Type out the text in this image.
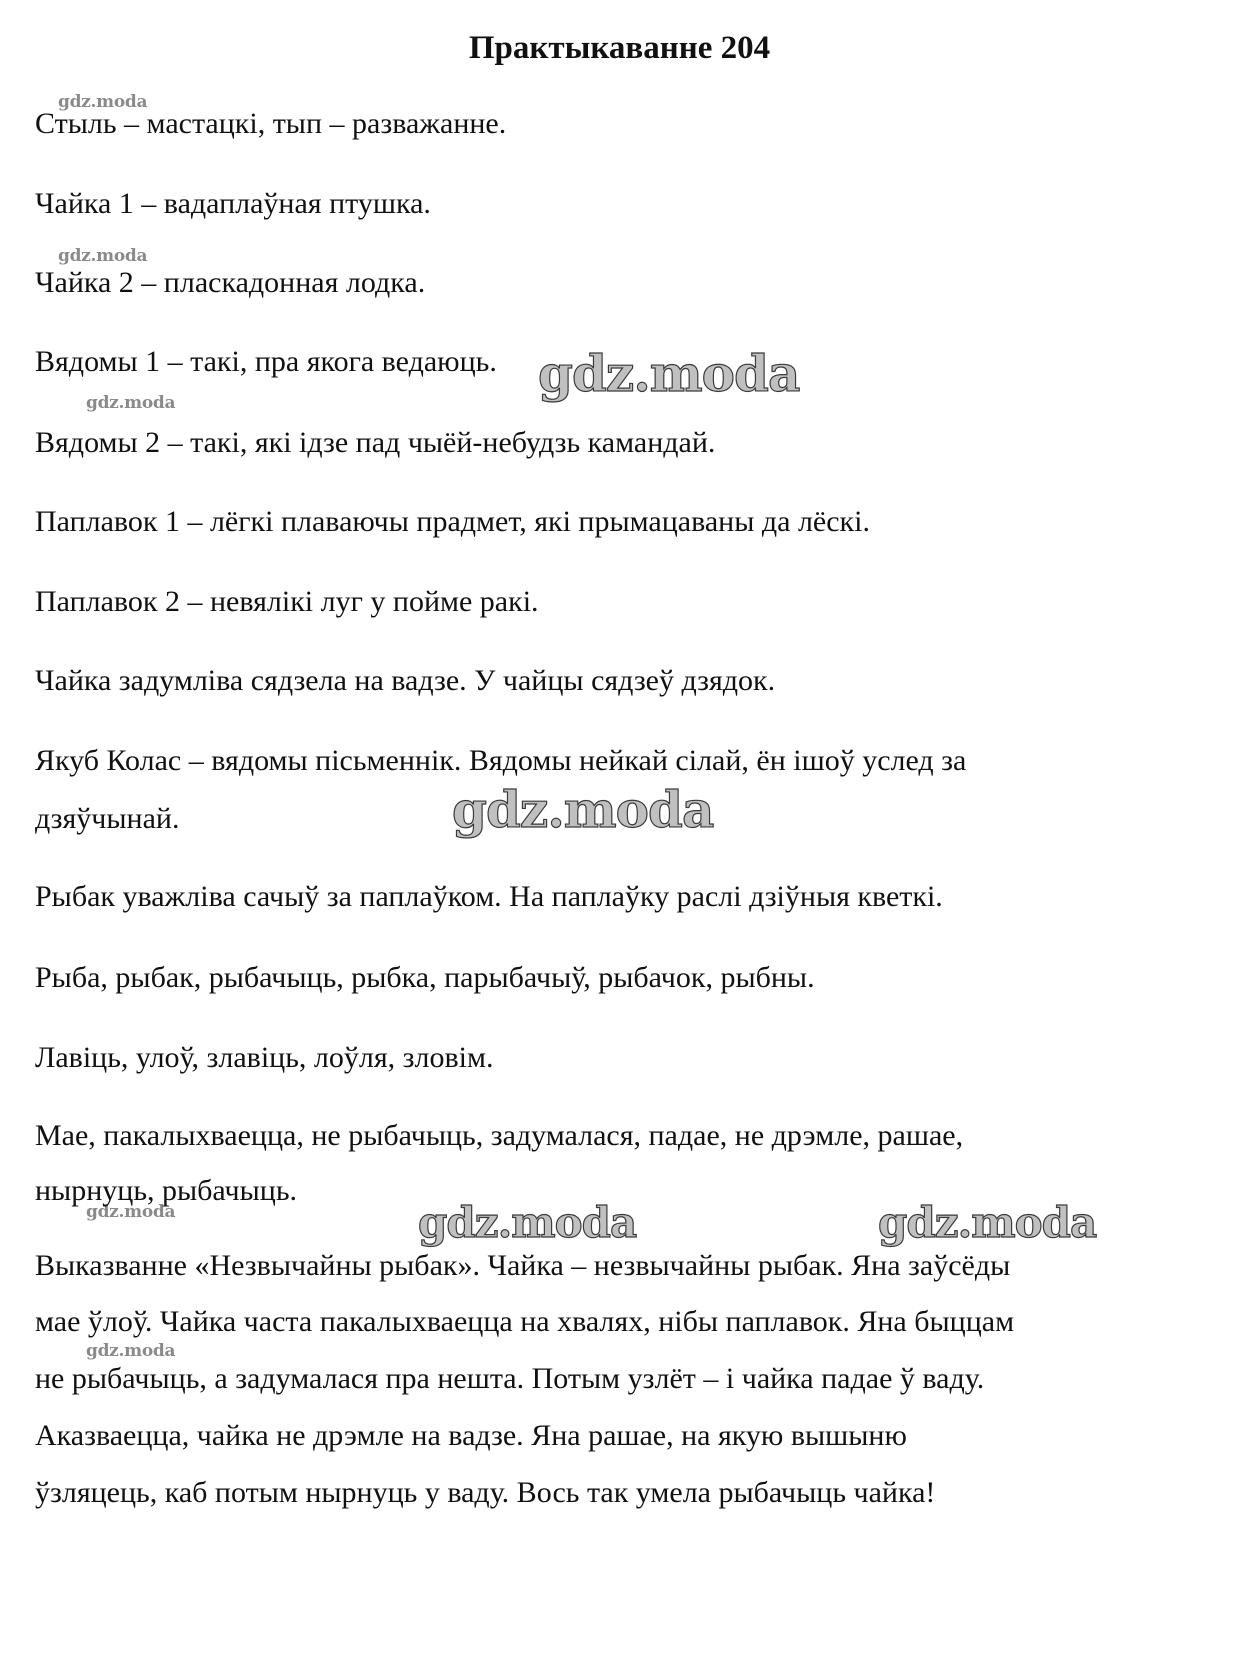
Практыкаванне 204
gdz.moda
gdz.moda
gdz.moda
gdz.moda
gdz.moda
Стыль – мастацкі, тып – разважанне.
Чайка 1 – вадаплаўная птушка.
Чайка 2 – пласкадонная лодка.
Вядомы 1 – такі, пра якога ведаюць.
Вядомы 2 – такі, які ідзе пад чыёй-небудзь камандай.
Паплавок 1 – лёгкі плаваючы прадмет, які прымацаваны да лёскі.
Паплавок 2 – невялікі луг у пойме ракі.
Чайка задумліва сядзела на вадзе. У чайцы сядзеў дзядок.
Якуб Колас – вядомы пісьменнік. Вядомы нейкай сілай, ён ішоў услед за
дзяўчынай.
Рыбак уважліва сачыў за паплаўком. На паплаўку раслі дзіўныя кветкі.
Рыба, рыбак, рыбачыць, рыбка, парыбачыў, рыбачок, рыбны.
Лавіць, улоў, злавіць, лоўля, зловім.
Мае, пакалыхваецца, не рыбачыць, задумалася, падае, не дрэмле, рашае,
нырнуць, рыбачыць.
Выказванне «Незвычайны рыбак». Чайка – незвычайны рыбак. Яна заўсёды
мае ўлоў. Чайка часта пакалыхваецца на хвалях, нібы паплавок. Яна быццам
не рыбачыць, а задумалася пра нешта. Потым узлёт – і чайка падае ў ваду.
Аказваецца, чайка не дрэмле на вадзе. Яна рашае, на якую вышыню
ўзляцець, каб потым нырнуць у ваду. Вось так умела рыбачыць чайка!
gdz.moda
gdz.moda
gdz.moda	gdz.moda
